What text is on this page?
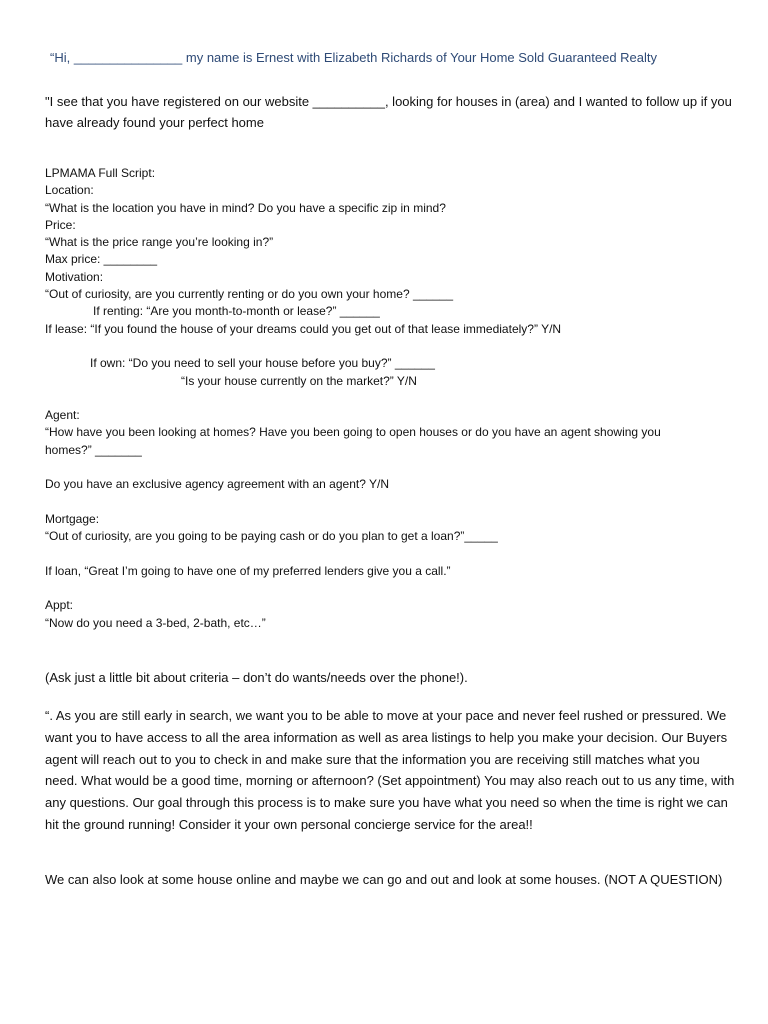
“Hi, _______________ my name is Ernest with Elizabeth Richards of Your Home Sold Guaranteed Realty
"I see that you have registered on our website __________, looking for houses in (area) and I wanted to follow up if you have already found your perfect home
LPMAMA Full Script:
Location:
“What is the location you have in mind? Do you have a specific zip in mind?
Price:
“What is the price range you’re looking in?”
Max price: ________
Motivation:
“Out of curiosity, are you currently renting or do you own your home? ______
If renting: “Are you month-to-month or lease?” ______
If lease: “If you found the house of your dreams could you get out of that lease immediately?” Y/N
If own: “Do you need to sell your house before you buy?” ______
“Is your house currently on the market?” Y/N
Agent:
“How have you been looking at homes? Have you been going to open houses or do you have an agent showing you
homes?” _______
Do you have an exclusive agency agreement with an agent? Y/N
Mortgage:
“Out of curiosity, are you going to be paying cash or do you plan to get a loan?”_____
If loan, “Great I’m going to have one of my preferred lenders give you a call.”
Appt:
“Now do you need a 3-bed, 2-bath, etc…”
(Ask just a little bit about criteria – don’t do wants/needs over the phone!).
“. As you are still early in search, we want you to be able to move at your pace and never feel rushed or pressured. We want you to have access to all the area information as well as area listings to help you make your decision. Our Buyers agent will reach out to you to check in and make sure that the information you are receiving still matches what you need. What would be a good time, morning or afternoon? (Set appointment) You may also reach out to us any time, with any questions. Our goal through this process is to make sure you have what you need so when the time is right we can hit the ground running! Consider it your own personal concierge service for the area!!
We can also look at some house online and maybe we can go and out and look at some houses. (NOT A QUESTION)
